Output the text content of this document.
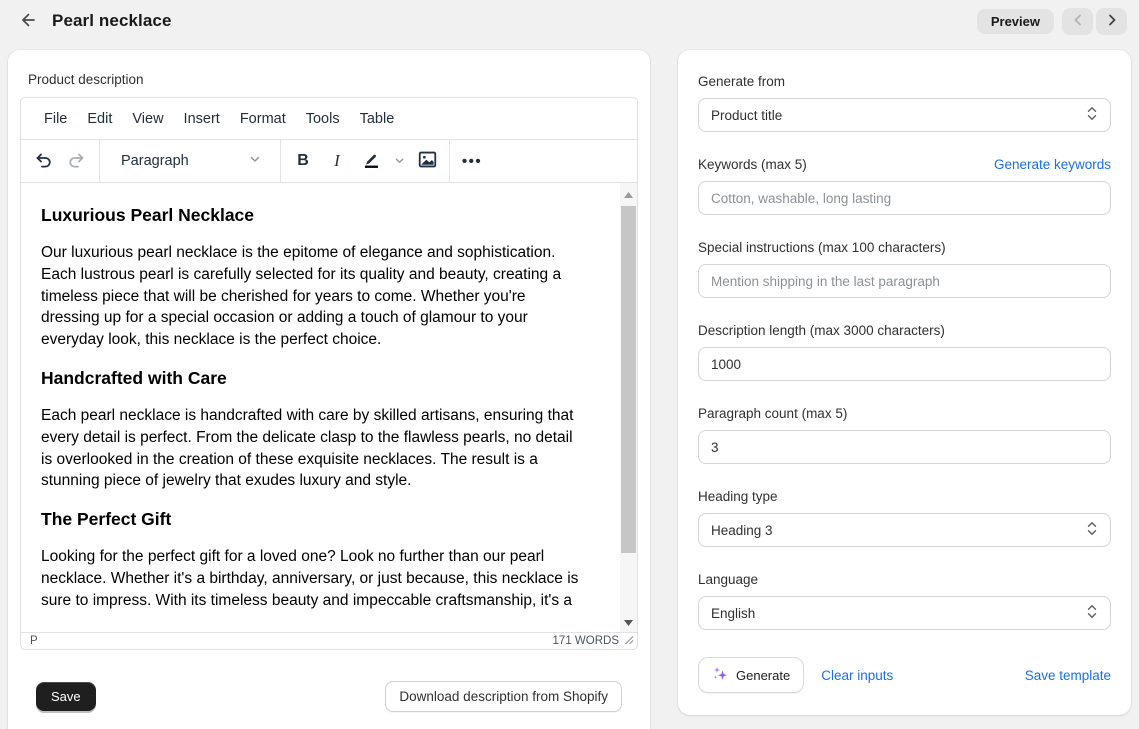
Pearl necklace	Preview
Product description
File	Edit	View	Insert	Format	Tools	Table
Paragraph	B I	•••
Luxurious Pearl Necklace

Our luxurious pearl necklace is the epitome of elegance and sophistication. Each lustrous pearl is carefully selected for its quality and beauty, creating a timeless piece that will be cherished for years to come. Whether you're dressing up for a special occasion or adding a touch of glamour to your everyday look, this necklace is the perfect choice.

Handcrafted with Care

Each pearl necklace is handcrafted with care by skilled artisans, ensuring that every detail is perfect. From the delicate clasp to the flawless pearls, no detail is overlooked in the creation of these exquisite necklaces. The result is a stunning piece of jewelry that exudes luxury and style.

The Perfect Gift

Looking for the perfect gift for a loved one? Look no further than our pearl necklace. Whether it's a birthday, anniversary, or just because, this necklace is sure to impress. With its timeless beauty and impeccable craftsmanship, it's a

P	171 WORDS
Save	Download description from Shopify
Generate from
Product title
Keywords (max 5)	Generate keywords
Cotton, washable, long lasting
Special instructions (max 100 characters)
Mention shipping in the last paragraph
Description length (max 3000 characters)
1000
Paragraph count (max 5)
3
Heading type
Heading 3
Language
English
Generate Clear inputs	Save template
